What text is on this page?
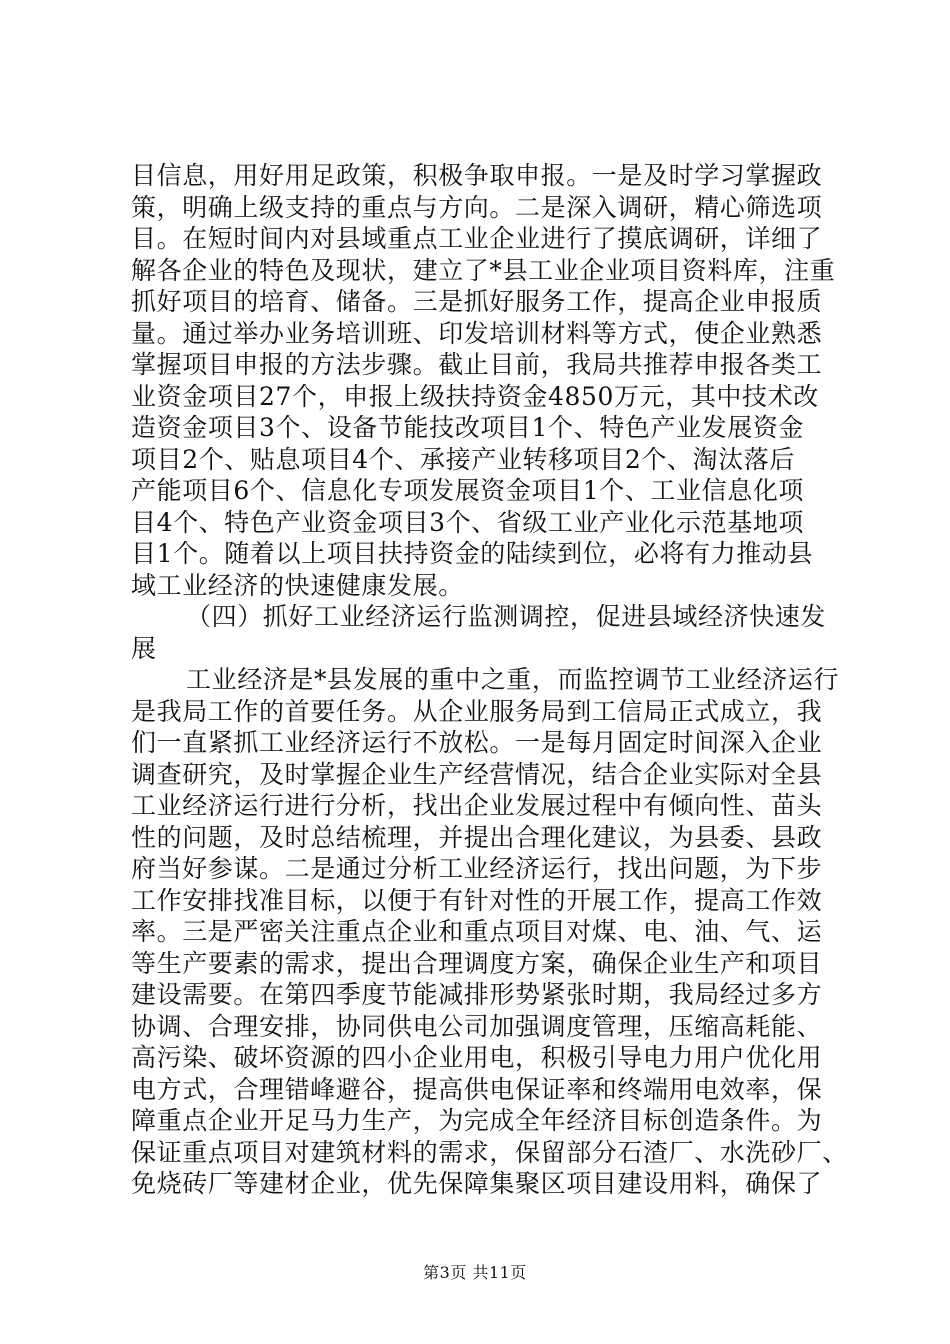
目信息，用好用足政策，积极争取申报。一是及时学习掌握政
策，明确上级支持的重点与方向。二是深入调研，精心筛选项
目。在短时间内对县域重点工业企业进行了摸底调研，详细了
解各企业的特色及现状，建立了*县工业企业项目资料库，注重
抓好项目的培育、储备。三是抓好服务工作，提高企业申报质
量。通过举办业务培训班、印发培训材料等方式，使企业熟悉
掌握项目申报的方法步骤。截止目前，我局共推荐申报各类工
业资金项目27个，申报上级扶持资金4850万元，其中技术改
造资金项目3个、设备节能技改项目1个、特色产业发展资金
项目2个、贴息项目4个、承接产业转移项目2个、淘汰落后
产能项目6个、信息化专项发展资金项目1个、工业信息化项
目4个、特色产业资金项目3个、省级工业产业化示范基地项
目1个。随着以上项目扶持资金的陆续到位，必将有力推动县
域工业经济的快速健康发展。
（四）抓好工业经济运行监测调控，促进县域经济快速发
展
工业经济是*县发展的重中之重，而监控调节工业经济运行
是我局工作的首要任务。从企业服务局到工信局正式成立，我
们一直紧抓工业经济运行不放松。一是每月固定时间深入企业
调查研究，及时掌握企业生产经营情况，结合企业实际对全县
工业经济运行进行分析，找出企业发展过程中有倾向性、苗头
性的问题，及时总结梳理，并提出合理化建议，为县委、县政
府当好参谋。二是通过分析工业经济运行，找出问题，为下步
工作安排找准目标，以便于有针对性的开展工作，提高工作效
率。三是严密关注重点企业和重点项目对煤、电、油、气、运
等生产要素的需求，提出合理调度方案，确保企业生产和项目
建设需要。在第四季度节能减排形势紧张时期，我局经过多方
协调、合理安排，协同供电公司加强调度管理，压缩高耗能、
高污染、破坏资源的四小企业用电，积极引导电力用户优化用
电方式，合理错峰避谷，提高供电保证率和终端用电效率，保
障重点企业开足马力生产，为完成全年经济目标创造条件。为
保证重点项目对建筑材料的需求，保留部分石渣厂、水洗砂厂、
免烧砖厂等建材企业，优先保障集聚区项目建设用料，确保了
第3页 共11页
